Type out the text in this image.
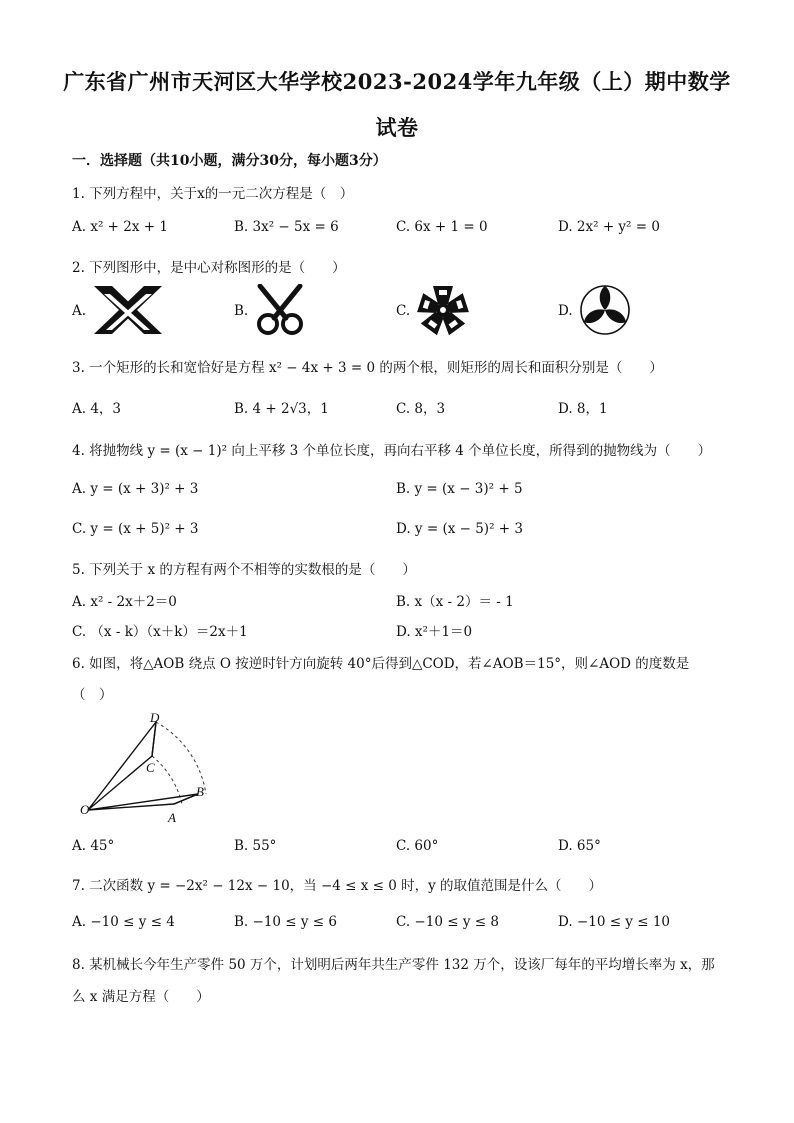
广东省广州市天河区大华学校2023-2024学年九年级（上）期中数学
试卷
一．选择题（共10小题，满分30分，每小题3分）
1. 下列方程中，关于x的一元二次方程是（　）
A. x² + 2x + 1	B. 3x² − 5x = 6	C. 6x + 1 = 0	D. 2x² + y² = 0
2. 下列图形中，是中心对称图形的是（　　）
A.	B.	C.	D.
3. 一个矩形的长和宽恰好是方程 x² − 4x + 3 = 0 的两个根，则矩形的周长和面积分别是（　　）
A. 4，3	B. 4 + 2√3，1	C. 8，3	D. 8，1
4. 将抛物线 y = (x − 1)² 向上平移 3 个单位长度，再向右平移 4 个单位长度，所得到的抛物线为（　　）
A. y = (x + 3)² + 3	B. y = (x − 3)² + 5
C. y = (x + 5)² + 3	D. y = (x − 5)² + 3
5. 下列关于 x 的方程有两个不相等的实数根的是（　　）
A. x² - 2x＋2＝0	B. x（x - 2）＝ - 1
C. （x - k）（x＋k）＝2x＋1	D. x²＋1＝0
6. 如图，将△AOB 绕点 O 按逆时针方向旋转 40°后得到△COD，若∠AOB＝15°，则∠AOD 的度数是
（　）
D
C
B
A
O
A. 45°	B. 55°	C. 60°	D. 65°
7. 二次函数 y = −2x² − 12x − 10，当 −4 ≤ x ≤ 0 时，y 的取值范围是什么（　　）
A. −10 ≤ y ≤ 4	B. −10 ≤ y ≤ 6	C. −10 ≤ y ≤ 8	D. −10 ≤ y ≤ 10
8. 某机械长今年生产零件 50 万个，计划明后两年共生产零件 132 万个，设该厂每年的平均增长率为 x，那
么 x 满足方程（　　）
